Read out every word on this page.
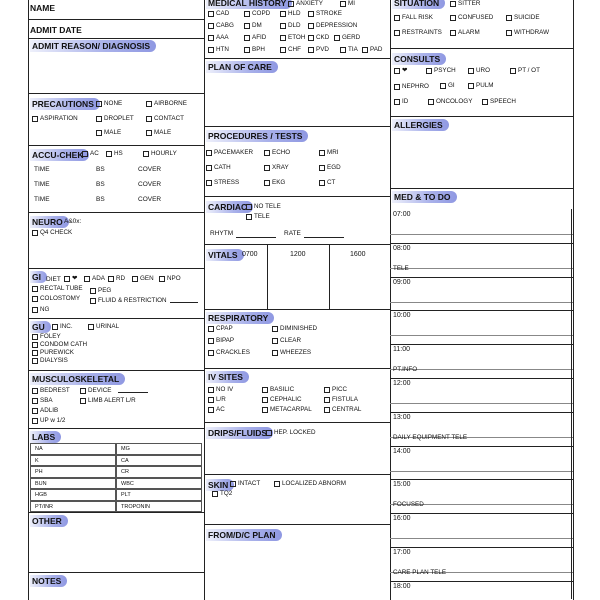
NAME
ADMIT DATE
ADMIT REASON/ DIAGNOSIS
PRECAUTIONS	NONE	AIRBORNE
ASPIRATION	DROPLET	CONTACT
MALE	MALE
ACCU-CHEK	AC HS	HOURLY
TIME	BS	COVER
TIME	BS	COVER
TIME	BS	COVER
NEURO A&0x:
Q4 CHECK
GI DIET ❤ ADA RD GEN NPO
RECTAL TUBE PEG
COLOSTOMY	FLUID & RESTRICTION
NG
GU	INC.	URINAL
FOLEY
CONDOM CATH
PUREWICK
DIALYSIS
MUSCULOSKELETAL
BEDREST	DEVICE
SBA	LIMB ALERT L/R
ADLIB
UP w 1/2
LABS
NA	MG
K	CA
PH	CR
BUN	WBC
HGB	PLT
PT/INR	TROPONIN
OTHER
NOTES
MEDICAL HISTORY	ANXIETY	MI
CAD	COPD	HLD STROKE
CABG	DM	DLD DEPRESSION
AAA	AFID	ETOH CKD GERD
HTN	BPH	CHF PVD	TIA PAD
PLAN OF CARE
PROCEDURES / TESTS
PACEMAKER	ECHO	MRI
CATH	XRAY	EGD
STRESS	EKG	CT
CARDIAC	NO TELE
TELE
RHYTM	RATE
VITALS 0700	1200	1600
RESPIRATORY
CPAP	DIMINISHED
BIPAP	CLEAR
CRACKLES	WHEEZES
IV SITES
NO IV	BASILIC	PICC
L/R	CEPHALIC	FISTULA
AC	METACARPAL	CENTRAL
DRIPS/FLUIDS	HEP. LOCKED
SKIN	INTACT	LOCALIZED ABNORM
TQ2
FROM/D/C PLAN
SITUATION	SITTER
FALL RISK	CONFUSED	SUICIDE
RESTRAINTS	ALARM	WITHDRAW
CONSULTS
❤	PSYCH	URO	PT / OT
NEPHRO	GI	PULM
ID	ONCOLOGY	SPEECH
ALLERGIES
MED & TO DO
07:00
08:00
09:00
TELE
10:00
11:00
12:00
PT.INFO
13:00
14:00
DAILY EQUIPMENT TELE
15:00
16:00
FOCUSED
17:00
18:00
CARE PLAN TELE
